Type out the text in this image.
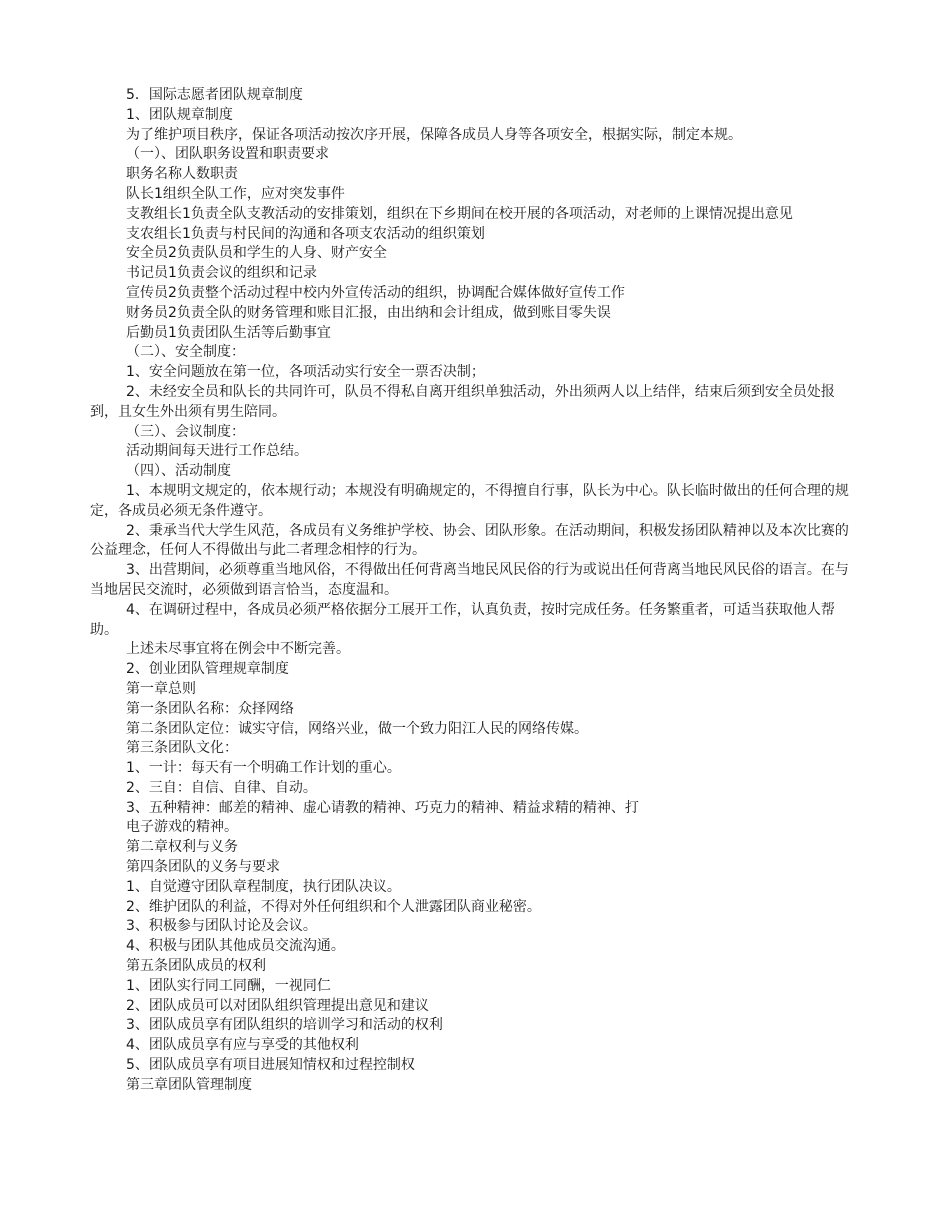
5．国际志愿者团队规章制度

1、团队规章制度

为了维护项目秩序，保证各项活动按次序开展，保障各成员人身等各项安全，根据实际，制定本规。

（一）、团队职务设置和职责要求

职务名称人数职责

队长1组织全队工作，应对突发事件

支教组长1负责全队支教活动的安排策划，组织在下乡期间在校开展的各项活动，对老师的上课情况提出意见

支农组长1负责与村民间的沟通和各项支农活动的组织策划

安全员2负责队员和学生的人身、财产安全

书记员1负责会议的组织和记录

宣传员2负责整个活动过程中校内外宣传活动的组织，协调配合媒体做好宣传工作

财务员2负责全队的财务管理和账目汇报，由出纳和会计组成，做到账目零失误

后勤员1负责团队生活等后勤事宜

（二）、安全制度：

1、安全问题放在第一位，各项活动实行安全一票否决制；

2、未经安全员和队长的共同许可，队员不得私自离开组织单独活动，外出须两人以上结伴，结束后须到安全员处报到，且女生外出须有男生陪同。

（三）、会议制度：

活动期间每天进行工作总结。

（四）、活动制度

1、本规明文规定的，依本规行动；本规没有明确规定的，不得擅自行事，队长为中心。队长临时做出的任何合理的规定，各成员必须无条件遵守。

2、秉承当代大学生风范，各成员有义务维护学校、协会、团队形象。在活动期间，积极发扬团队精神以及本次比赛的公益理念，任何人不得做出与此二者理念相悖的行为。

3、出营期间，必须尊重当地风俗，不得做出任何背离当地民风民俗的行为或说出任何背离当地民风民俗的语言。在与当地居民交流时，必须做到语言恰当，态度温和。

4、在调研过程中，各成员必须严格依据分工展开工作，认真负责，按时完成任务。任务繁重者，可适当获取他人帮助。

上述未尽事宜将在例会中不断完善。

2、创业团队管理规章制度

第一章总则

第一条团队名称：众择网络

第二条团队定位：诚实守信，网络兴业，做一个致力阳江人民的网络传媒。

第三条团队文化：

1、一计：每天有一个明确工作计划的重心。

2、三自：自信、自律、自动。

3、五种精神：邮差的精神、虚心请教的精神、巧克力的精神、精益求精的精神、打

电子游戏的精神。

第二章权利与义务

第四条团队的义务与要求

1、自觉遵守团队章程制度，执行团队决议。

2、维护团队的利益，不得对外任何组织和个人泄露团队商业秘密。

3、积极参与团队讨论及会议。

4、积极与团队其他成员交流沟通。

第五条团队成员的权利

1、团队实行同工同酬，一视同仁

2、团队成员可以对团队组织管理提出意见和建议

3、团队成员享有团队组织的培训学习和活动的权利

4、团队成员享有应与享受的其他权利

5、团队成员享有项目进展知情权和过程控制权

第三章团队管理制度
